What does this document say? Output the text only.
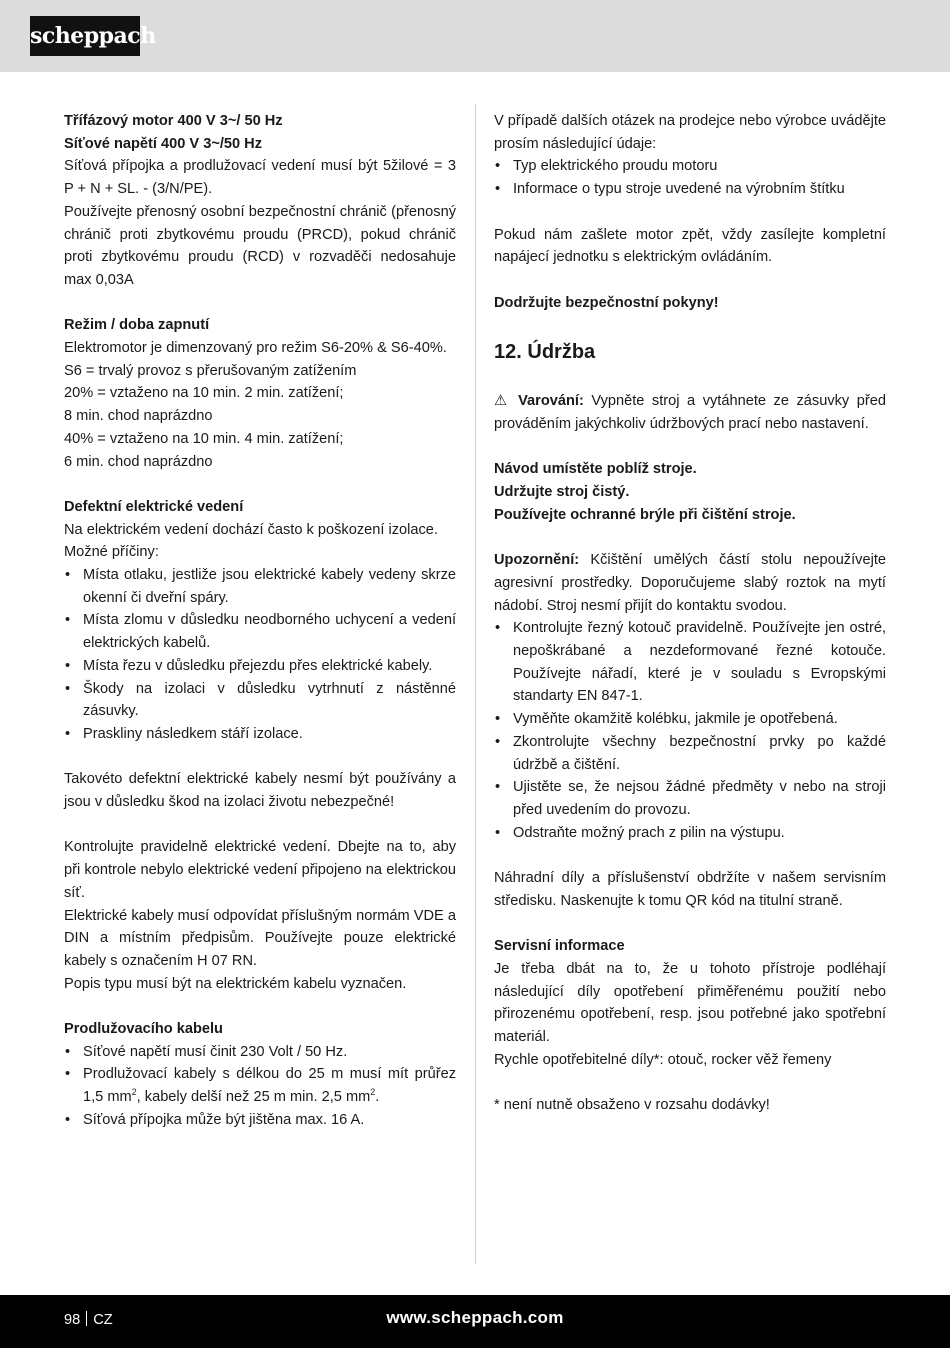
scheppach

Třífázový motor 400 V 3~/ 50 Hz

Síťové napětí 400 V 3~/50 Hz

Síťová přípojka a prodlužovací vedení musí být 5žilové = 3 P + N + SL. - (3/N/PE).

Používejte přenosný osobní bezpečnostní chránič (přenosný chránič proti zbytkovému proudu (PRCD), pokud chránič proti zbytkovému proudu (RCD) v rozvaděči nedosahuje max 0,03A

Režim / doba zapnutí

Elektromotor je dimenzovaný pro režim S6-20% & S6-40%.

S6 = trvalý provoz s přerušovaným zatížením

20% = vztaženo na 10 min. 2 min. zatížení;

8 min. chod naprázdno

40% = vztaženo na 10 min. 4 min. zatížení;

6 min. chod naprázdno

Defektní elektrické vedení

Na elektrickém vedení dochází často k poškození izolace.

Možné příčiny:

• Místa otlaku, jestliže jsou elektrické kabely vedeny skrze okenní či dveřní spáry.
• Místa zlomu v důsledku neodborného uchycení a vedení elektrických kabelů.
• Místa řezu v důsledku přejezdu přes elektrické kabely.
• Škody na izolaci v důsledku vytrhnutí z nástěnné zásuvky.
• Praskliny následkem stáří izolace.

Takovéto defektní elektrické kabely nesmí být používány a jsou v důsledku škod na izolaci životu nebezpečné!

Kontrolujte pravidelně elektrické vedení. Dbejte na to, aby při kontrole nebylo elektrické vedení připojeno na elektrickou síť.

Elektrické kabely musí odpovídat příslušným normám VDE a DIN a místním předpisům. Používejte pouze elektrické kabely s označením H 07 RN.

Popis typu musí být na elektrickém kabelu vyznačen.

Prodlužovacího kabelu

• Síťové napětí musí činit 230 Volt / 50 Hz.
• Prodlužovací kabely s délkou do 25 m musí mít průřez 1,5 $mm^2$, kabely delší než 25 m min. 2,5 $mm^2$.
• Síťová přípojka může být jištěna max. 16 A.

V případě dalších otázek na prodejce nebo výrobce uvádějte prosím následující údaje:

• Typ elektrického proudu motoru
• Informace o typu stroje uvedené na výrobním štítku

Pokud nám zašlete motor zpět, vždy zasílejte kompletní napájecí jednotku s elektrickým ovládáním.

Dodržujte bezpečnostní pokyny!

12. Údržba

⚠ Varování: Vypněte stroj a vytáhnete ze zásuvky před prováděním jakýchkoliv údržbových prací nebo nastavení.

Návod umístěte poblíž stroje.

Udržujte stroj čistý.

Používejte ochranné brýle při čištění stroje.

Upozornění: Kčištění umělých částí stolu nepoužívejte agresivní prostředky. Doporučujeme slabý roztok na mytí nádobí. Stroj nesmí přijít do kontaktu svodou.

• Kontrolujte řezný kotouč pravidelně. Používejte jen ostré, nepoškrábané a nezdeformované řezné kotouče. Používejte nářadí, které je v souladu s Evropskými standarty EN 847-1.
• Vyměňte okamžitě kolébku, jakmile je opotřebená.
• Zkontrolujte všechny bezpečnostní prvky po každé údržbě a čištění.
• Ujistěte se, že nejsou žádné předměty v nebo na stroji před uvedením do provozu.
• Odstraňte možný prach z pilin na výstupu.

Náhradní díly a příslušenství obdržíte v našem servisním středisku. Naskenujte k tomu QR kód na titulní straně.

Servisní informace

Je třeba dbát na to, že u tohoto přístroje podléhají následující díly opotřebení přiměřenému použití nebo přirozenému opotřebení, resp. jsou potřebné jako spotřební materiál.

Rychle opotřebitelné díly*: otouč, rocker věž řemeny

* není nutně obsaženo v rozsahu dodávky!

98 CZ	www.scheppach.com
